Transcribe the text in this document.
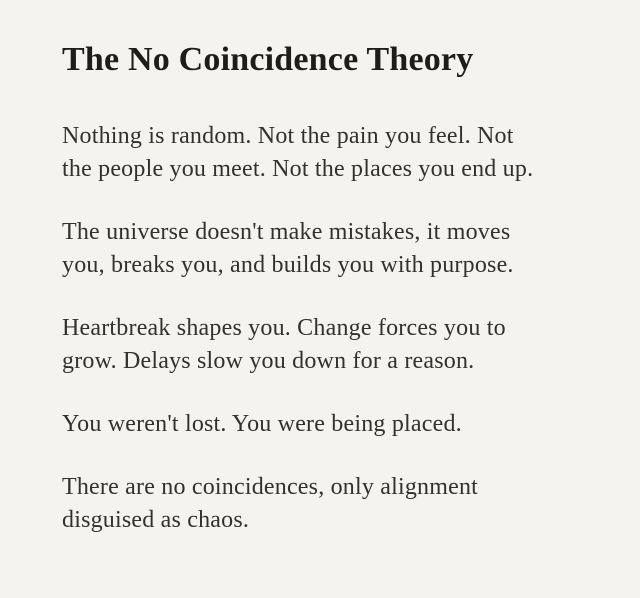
The No Coincidence Theory

Nothing is random. Not the pain you feel. Not
the people you meet. Not the places you end up.

The universe doesn't make mistakes, it moves
you, breaks you, and builds you with purpose.

Heartbreak shapes you. Change forces you to
grow. Delays slow you down for a reason.

You weren't lost. You were being placed.

There are no coincidences, only alignment
disguised as chaos.
